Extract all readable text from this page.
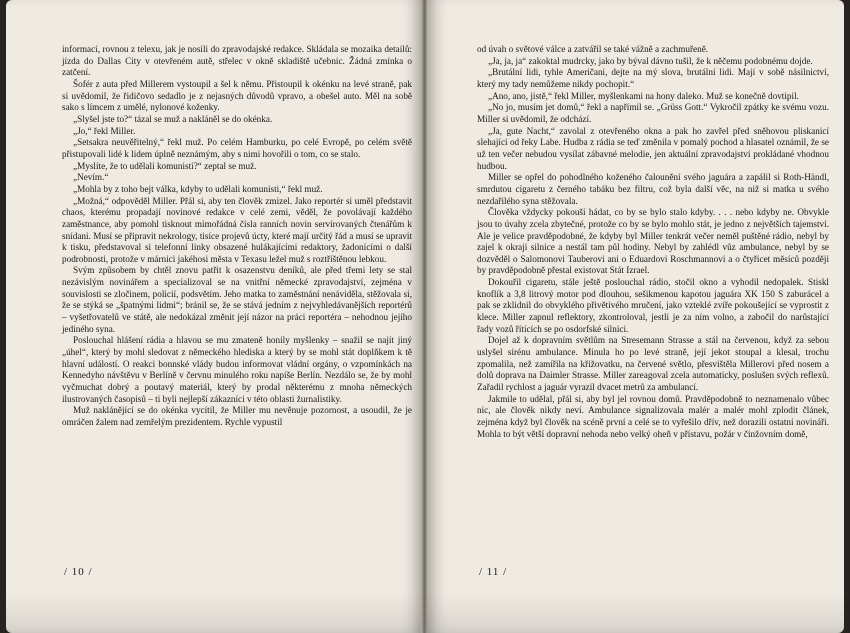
informací, rovnou z telexu, jak je nosili do zpravodajské redakce. Skládala se mozaika detailů: jízda do Dallas City v otevřeném autě, střelec v okně skladiště učebnic. Žádná zmínka o zatčení.

Šofér z auta před Millerem vystoupil a šel k němu. Přistoupil k okénku na levé straně, pak si uvědomil, že řidičovo sedadlo je z nejasných důvodů vpravo, a obešel auto. Měl na sobě sako s límcem z umělé, nylonové koženky.

„Slyšel jste to?“ tázal se muž a naklánĕl se do okénka.

„Jo,“ řekl Miller.

„Setsakra neuvěřitelný,“ řekl muž. Po celém Hamburku, po celé Evropě, po celém světě přistupovali lidé k lidem úplně neznámým, aby s nimi hovořili o tom, co se stalo.

„Myslíte, že to udělali komunisti?“ zeptal se muž.

„Nevím.“

„Mohla by z toho bejt válka, kdyby to udělali komunisti,“ řekl muž.

„Možná,“ odpověděl Miller. Přál si, aby ten člověk zmizel. Jako reportér si uměl představit chaos, kterému propadají novinové redakce v celé zemi, věděl, že povolávají každého zaměstnance, aby pomohl tisknout mimořádná čísla ranních novin servírovaných čtenářům k snídani. Musí se připravit nekrology, tisíce projevů úcty, které mají určitý řád a musí se upravit k tisku, představoval si telefonní linky obsazené hulákajícími redaktory, žadonícími o další podrobnosti, protože v márnici jakéhosi města v Texasu ležel muž s roztříštěnou lebkou.

Svým způsobem by chtěl znovu patřit k osazenstvu deníků, ale před třemi lety se stal nezávislým novinářem a specializoval se na vnitřní německé zpravodajství, zejména v souvislosti se zločinem, policií, podsvětím. Jeho matka to zaměstnání nenáviděla, stěžovala si, že se stýká se „špatnými lidmi“; bránil se, že se stává jedním z nejvyhledávanějších reportérů – vyšetřovatelů ve státě, ale nedokázal změnit její názor na práci reportéra – nehodnou jejího jediného syna.

Poslouchal hlášení rádia a hlavou se mu zmateně honily myšlenky – snažil se najít jiný „úhel“, který by mohl sledovat z německého hlediska a který by se mohl stát doplňkem k tě hlavní událostí. O reakci bonnské vlády budou informovat vládní orgány, o vzpomínkách na Kennedyho návštěvu v Berlíně v červnu minulého roku napíše Berlín. Nezdálo se, že by mohl vyčmuchat dobrý a poutavý materiál, který by prodal některému z mnoha německých ilustrovaných časopisů – ti byli nejlepší zákazníci v této oblasti žurnalistiky.

Muž naklánějící se do okénka vycítil, že Miller mu nevěnuje pozornost, a usoudil, že je omráčen žalem nad zemřelým prezidentem. Rychle vypustil

/ 10 /

od úvah o světové válce a zatvářil se také vážně a zachmuřeně.

„Ja, ja, ja“ zakoktal mudrcky, jako by býval dávno tušil, že k něčemu podobnému dojde.

„Brutální lidi, tyhle Američani, dejte na mý slova, brutální lidi. Mají v sobě násilnictví, který my tady nemůžeme nikdy pochopit.“

„Ano, ano, jistě,“ řekl Miller, myšlenkami na hony daleko. Muž se konečně dovtipil.

„No jo, musím jet domů,“ řekl a napřímil se. „Grüss Gott.“ Vykročil zpátky ke svému vozu. Miller si uvědomil, že odchází.

„Ja, gute Nacht,“ zavolal z otevřeného okna a pak ho zavřel před sněhovou pliskanicí slehající od řeky Labe. Hudba z rádia se teď změnila v pomalý pochod a hlasatel oznámil, že se už ten večer nebudou vysílat zábavné melodie, jen aktuální zpravodajství prokládané vhodnou hudbou.

Miller se opřel do pohodlného koženého čalounění svého jaguára a zapálil si Roth-Händl, smrdutou cigaretu z černého tabáku bez filtru, což byla další věc, na niž si matka u svého nezdařilého syna stěžovala.

Člověka vždycky pokouší hádat, co by se bylo stalo kdyby. . . . nebo kdyby ne. Obvykle jsou to úvahy zcela zbytečné, protože co by se bylo mohlo stát, je jedno z největších tajemství. Ale je velice pravděpodobné, že kdyby byl Miller tenkrát večer nemĕl puštěné rádio, nebyl by zajel k okraji silnice a nestál tam půl hodiny. Nebyl by zahlédl vůz ambulance, nebyl by se dozvěděl o Salomonovi Tauberovi ani o Eduardovi Roschmannovi a o čtyřicet měsíců později by pravděpodobně přestal existovat Stát Izrael.

Dokouřil cigaretu, stále ještě poslouchal rádio, stočil okno a vyhodil nedopalek. Stiskl knoflík a 3,8 litrový motor pod dlouhou, sešikmenou kapotou jaguára XK 150 S zaburácel a pak se zklidnil do obvyklého přivětivého mručení, jako vzteklé zvíře pokoušející se vyprostit z klece. Miller zapnul reflektory, zkontroloval, jestli je za ním volno, a zabočil do narůstající řady vozů řítících se po osdorfské silnici.

Dojel až k dopravním světlům na Stresemann Strasse a stál na červenou, když za sebou uslyšel sirénu ambulance. Minula ho po levé straně, její jekot stoupal a klesal, trochu zpomalila, než zamířila na křižovatku, na červené světlo, přesvištěla Millerovi před nosem a dolů doprava na Daimler Strasse. Miller zareagoval zcela automaticky, poslušen svých reflexů. Zařadil rychlost a jaguár vyrazil dvacet metrů za ambulancí.

Jakmile to udělal, přál si, aby byl jel rovnou domů. Pravděpodobně to neznamenalo vůbec nic, ale člověk nikdy neví. Ambulance signalizovala malér a malér mohl zplodit článek, zejména když byl člověk na scéně první a celé se to vyřešilo dřív, než dorazili ostatní novináři. Mohla to být větší dopravní nehoda nebo velký oheň v přístavu, požár v činžovním domě,

/ 11 /
